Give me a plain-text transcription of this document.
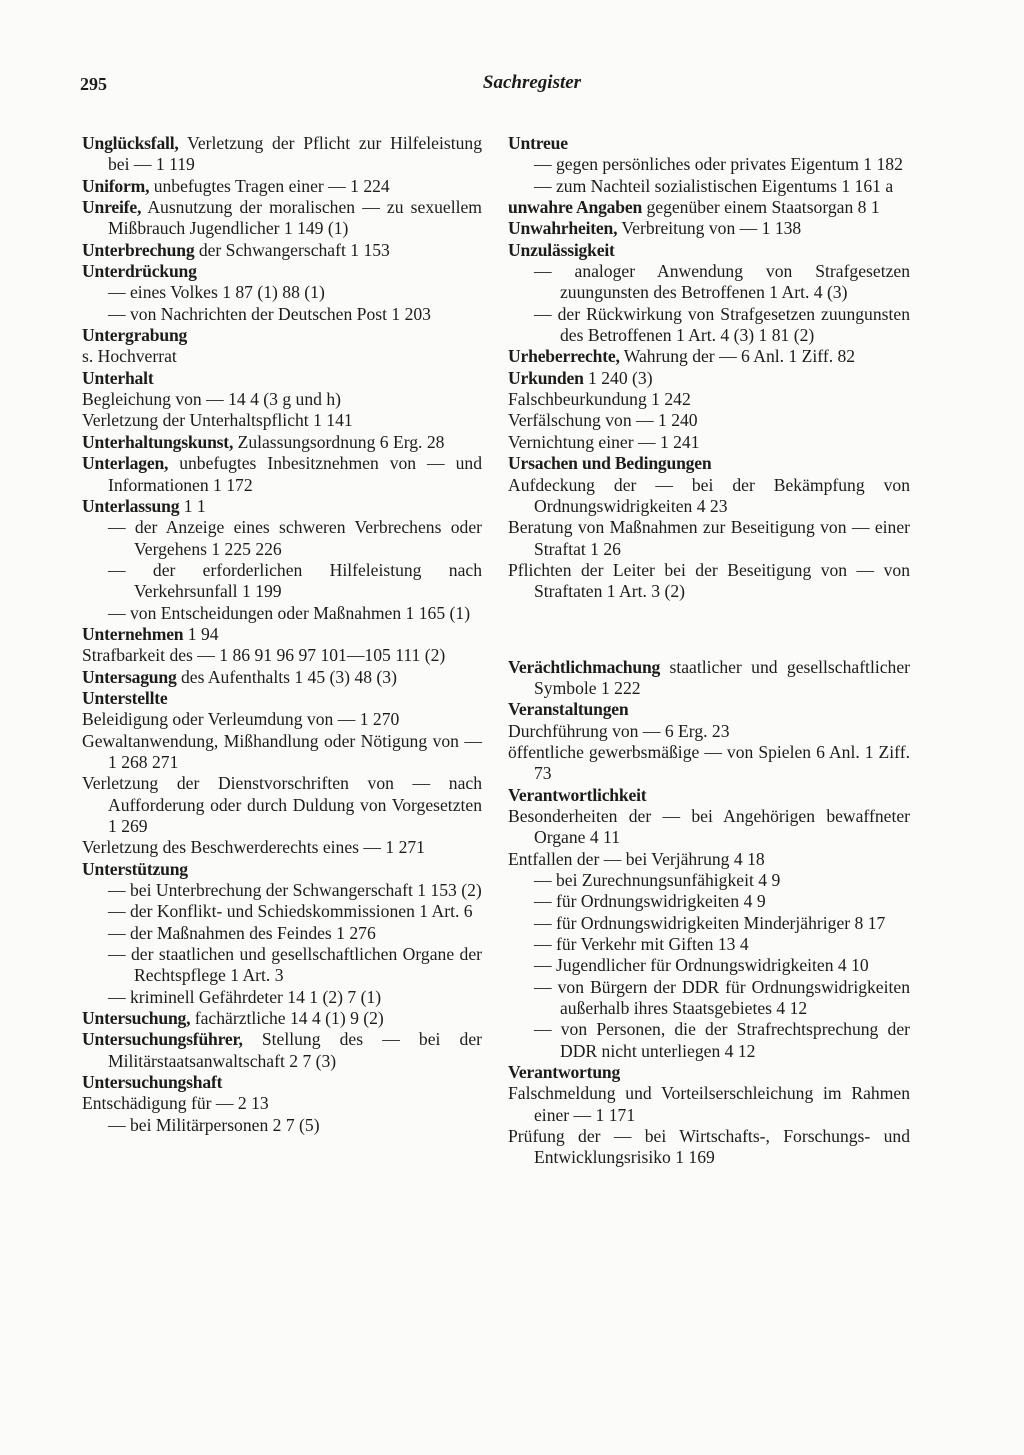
295	Sachregister

Unglücksfall, Verletzung der Pflicht zur Hilfeleistung bei — 1 119

Uniform, unbefugtes Tragen einer — 1 224

Unreife, Ausnutzung der moralischen — zu sexuellem Mißbrauch Jugendlicher 1 149 (1)

Unterbrechung der Schwangerschaft 1 153

Unterdrückung

— eines Volkes 1 87 (1) 88 (1)

— von Nachrichten der Deutschen Post 1 203

Untergrabung

s. Hochverrat

Unterhalt

Begleichung von — 14 4 (3 g und h)

Verletzung der Unterhaltspflicht 1 141

Unterhaltungskunst, Zulassungsordnung 6 Erg. 28

Unterlagen, unbefugtes Inbesitznehmen von — und Informationen 1 172

Unterlassung 1 1

— der Anzeige eines schweren Verbrechens oder Vergehens 1 225 226

— der erforderlichen Hilfeleistung nach Verkehrsunfall 1 199

— von Entscheidungen oder Maßnahmen 1 165 (1)

Unternehmen 1 94

Strafbarkeit des — 1 86 91 96 97 101—105 111 (2)

Untersagung des Aufenthalts 1 45 (3) 48 (3)

Unterstellte

Beleidigung oder Verleumdung von — 1 270

Gewaltanwendung, Mißhandlung oder Nötigung von — 1 268 271

Verletzung der Dienstvorschriften von — nach Aufforderung oder durch Duldung von Vorgesetzten 1 269

Verletzung des Beschwerderechts eines — 1 271

Unterstützung

— bei Unterbrechung der Schwangerschaft 1 153 (2)

— der Konflikt- und Schiedskommissionen 1 Art. 6

— der Maßnahmen des Feindes 1 276

— der staatlichen und gesellschaftlichen Organe der Rechtspflege 1 Art. 3

— kriminell Gefährdeter 14 1 (2) 7 (1)

Untersuchung, fachärztliche 14 4 (1) 9 (2)

Untersuchungsführer, Stellung des — bei der Militärstaatsanwaltschaft 2 7 (3)

Untersuchungshaft

Entschädigung für — 2 13

— bei Militärpersonen 2 7 (5)

Untreue

— gegen persönliches oder privates Eigentum 1 182

— zum Nachteil sozialistischen Eigentums 1 161 a

unwahre Angaben gegenüber einem Staatsorgan 8 1

Unwahrheiten, Verbreitung von — 1 138

Unzulässigkeit

— analoger Anwendung von Strafgesetzen zuungunsten des Betroffenen 1 Art. 4 (3)

— der Rückwirkung von Strafgesetzen zuungunsten des Betroffenen 1 Art. 4 (3) 1 81 (2)

Urheberrechte, Wahrung der — 6 Anl. 1 Ziff. 82

Urkunden 1 240 (3)

Falschbeurkundung 1 242

Verfälschung von — 1 240

Vernichtung einer — 1 241

Ursachen und Bedingungen

Aufdeckung der — bei der Bekämpfung von Ordnungswidrigkeiten 4 23

Beratung von Maßnahmen zur Beseitigung von — einer Straftat 1 26

Pflichten der Leiter bei der Beseitigung von — von Straftaten 1 Art. 3 (2)

Verächtlichmachung staatlicher und gesellschaftlicher Symbole 1 222

Veranstaltungen

Durchführung von — 6 Erg. 23

öffentliche gewerbsmäßige — von Spielen 6 Anl. 1 Ziff. 73

Verantwortlichkeit

Besonderheiten der — bei Angehörigen bewaffneter Organe 4 11

Entfallen der — bei Verjährung 4 18

— bei Zurechnungsunfähigkeit 4 9

— für Ordnungswidrigkeiten 4 9

— für Ordnungswidrigkeiten Minderjähriger 8 17

— für Verkehr mit Giften 13 4

— Jugendlicher für Ordnungswidrigkeiten 4 10

— von Bürgern der DDR für Ordnungswidrigkeiten außerhalb ihres Staatsgebietes 4 12

— von Personen, die der Strafrechtsprechung der DDR nicht unterliegen 4 12

Verantwortung

Falschmeldung und Vorteilserschleichung im Rahmen einer — 1 171

Prüfung der — bei Wirtschafts-, Forschungs- und Entwicklungsrisiko 1 169
